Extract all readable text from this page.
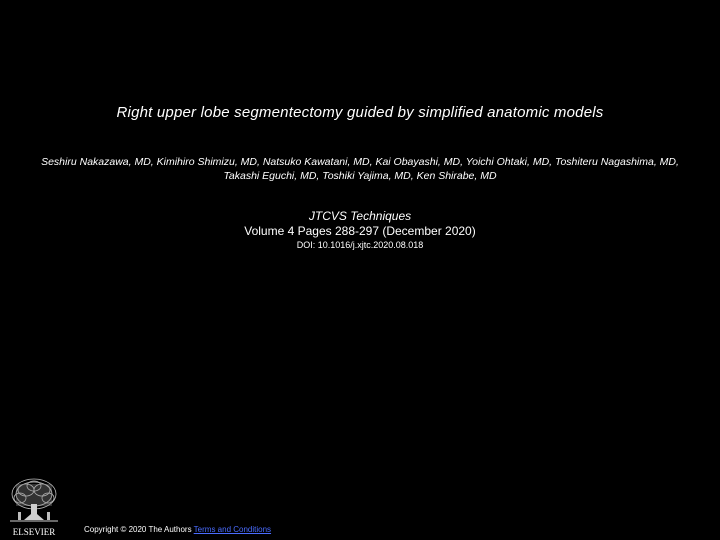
Right upper lobe segmentectomy guided by simplified anatomic models
Seshiru Nakazawa, MD, Kimihiro Shimizu, MD, Natsuko Kawatani, MD, Kai Obayashi, MD, Yoichi Ohtaki, MD, Toshiteru Nagashima, MD, Takashi Eguchi, MD, Toshiki Yajima, MD, Ken Shirabe, MD
JTCVS Techniques
Volume 4 Pages 288-297 (December 2020)
DOI: 10.1016/j.xjtc.2020.08.018
ELSEVIER	Copyright © 2020 The Authors Terms and Conditions
